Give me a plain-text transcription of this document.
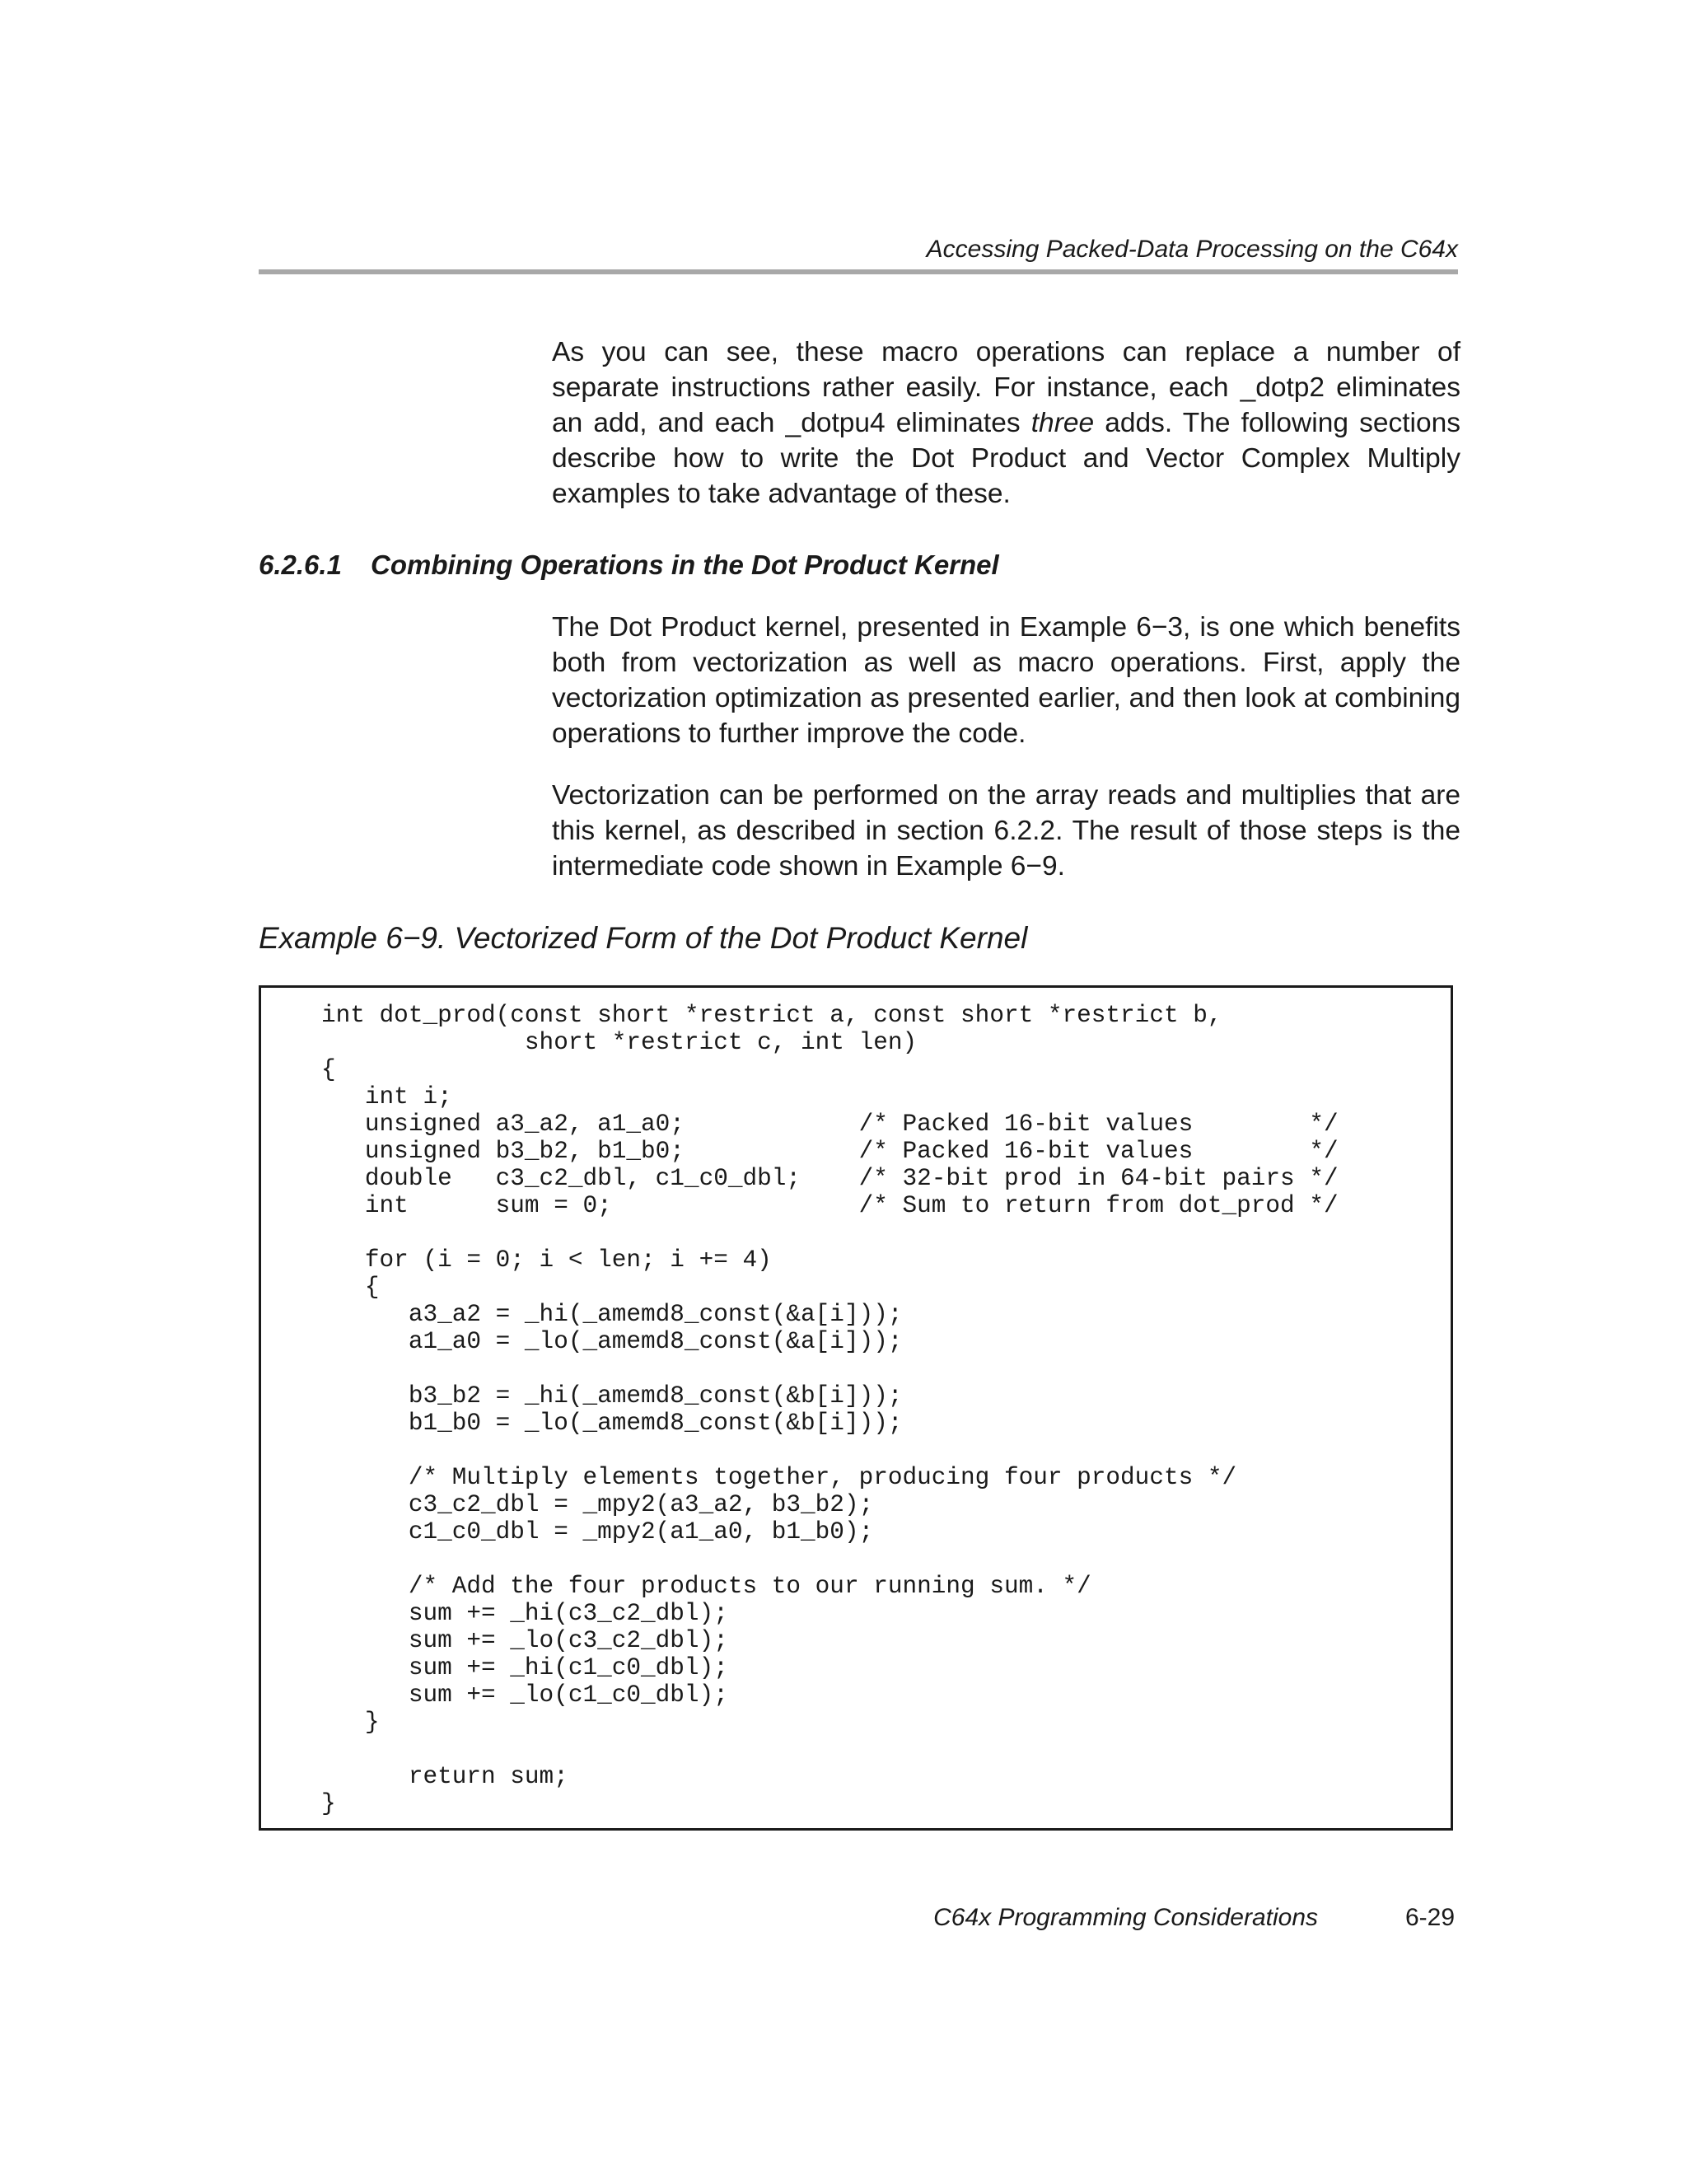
Accessing Packed-Data Processing on the C64x

As you can see, these macro operations can replace a number of separate instructions rather easily. For instance, each _dotp2 eliminates an add, and each _dotpu4 eliminates three adds. The following sections describe how to write the Dot Product and Vector Complex Multiply examples to take advantage of these.

6.2.6.1 Combining Operations in the Dot Product Kernel

The Dot Product kernel, presented in Example 6−3, is one which benefits both from vectorization as well as macro operations. First, apply the vectorization optimization as presented earlier, and then look at combining operations to further improve the code.

Vectorization can be performed on the array reads and multiplies that are this kernel, as described in section 6.2.2. The result of those steps is the intermediate code shown in Example 6−9.

Example 6−9. Vectorized Form of the Dot Product Kernel
int dot_prod(const short *restrict a, const short *restrict b,
short *restrict c, int len)
{
int i;
unsigned a3_a2, a1_a0;            /* Packed 16-bit values        */
unsigned b3_b2, b1_b0;            /* Packed 16-bit values        */
double   c3_c2_dbl, c1_c0_dbl;    /* 32-bit prod in 64-bit pairs */
int      sum = 0;                 /* Sum to return from dot_prod */
for (i = 0; i < len; i += 4)
{
a3_a2 = _hi(_amemd8_const(&a[i]));
a1_a0 = _lo(_amemd8_const(&a[i]));
b3_b2 = _hi(_amemd8_const(&b[i]));
b1_b0 = _lo(_amemd8_const(&b[i]));
/* Multiply elements together, producing four products */
c3_c2_dbl = _mpy2(a3_a2, b3_b2);
c1_c0_dbl = _mpy2(a1_a0, b1_b0);
/* Add the four products to our running sum. */
sum += _hi(c3_c2_dbl);
sum += _lo(c3_c2_dbl);
sum += _hi(c1_c0_dbl);
sum += _lo(c1_c0_dbl);
}
return sum;
}
C64x Programming Considerations	6-29
